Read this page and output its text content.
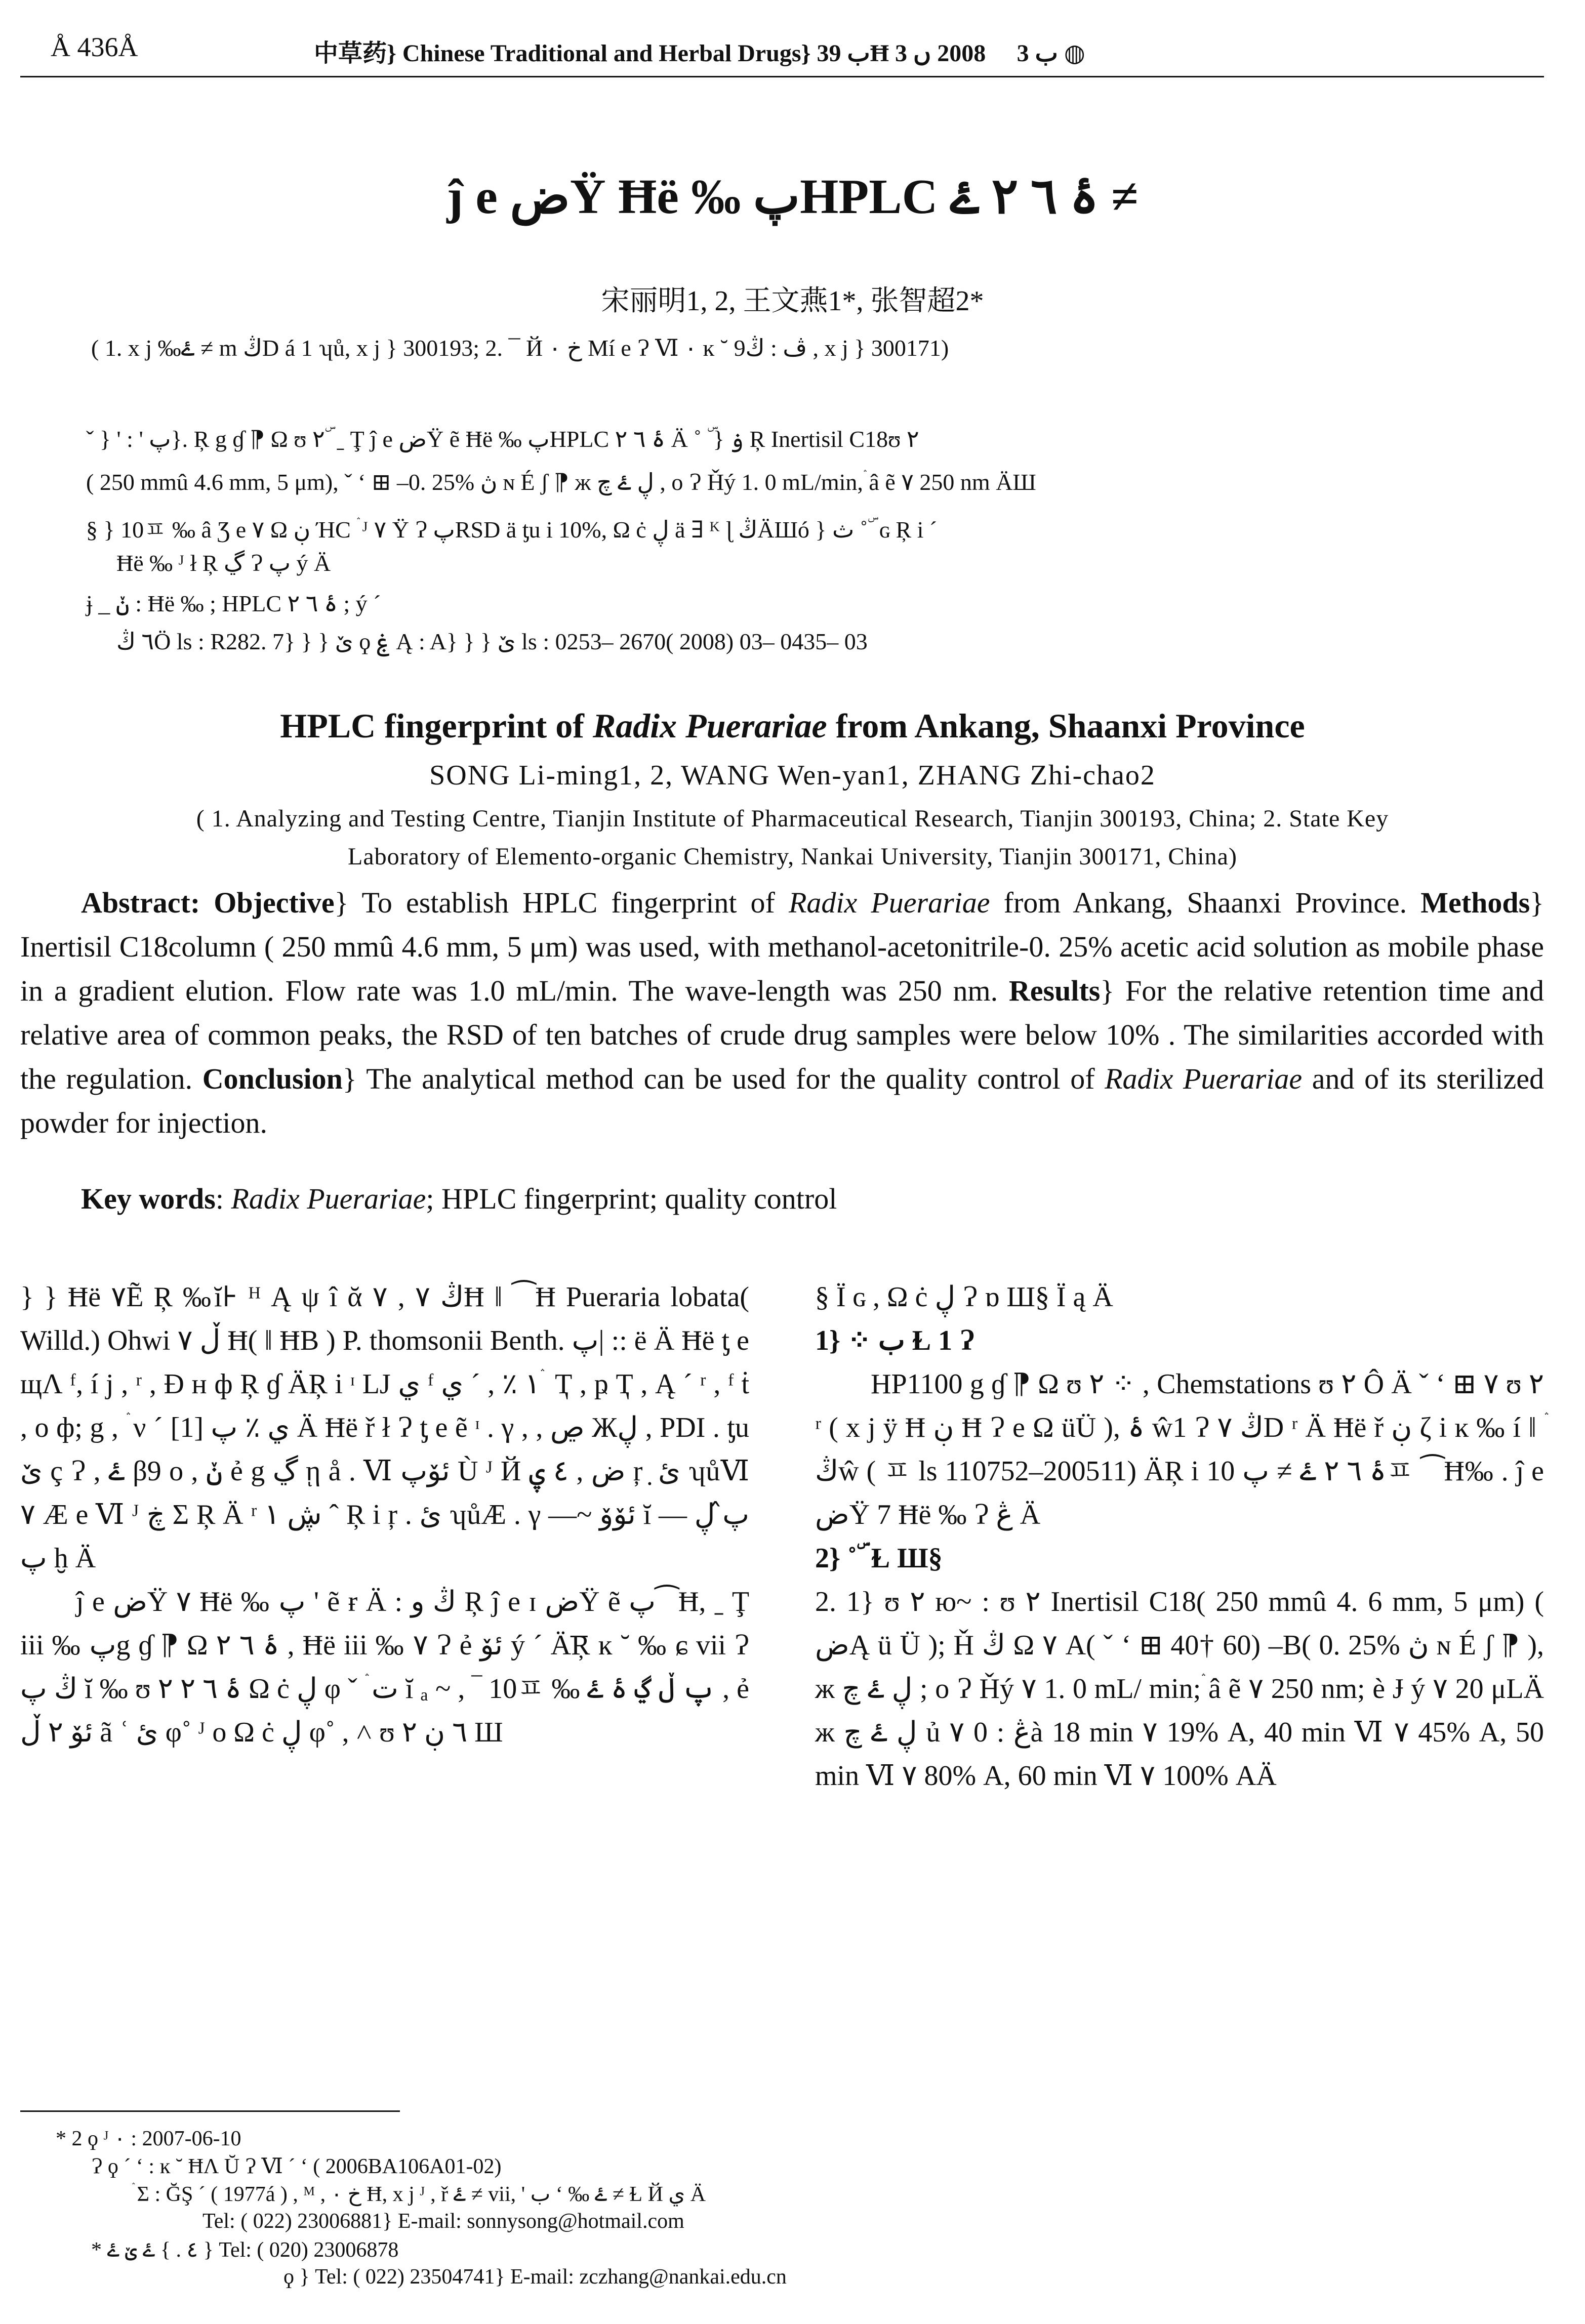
Å 436Å	中草药} Chinese Traditional and Herbal Drugs} ب 39Ħ ب 3 ّ 2008 ں 3 ◍
ĵ e ضŸ Ħë ‰ پHPLC ۂ ٦ ۲ ۓ ≠
宋丽明1, 2, 王文燕1*, 张智超2*
( 1. x j ‰ۓ ≠ m ڭD á 1 ʮů, x j } 300193; 2. ¯ Й خ ۰ Mí e Ɂ Ⅵ ۰ ĸ ˘ ڤ : ڭ9 , x j } 300171)
ˇ } ' : ' پ}. Ŗ g ɠ ⁋ Ω ʊ ۲ ۜ ˍ Ţ ĵ e ضŸ ẽ Ħë ‰ پHPLC ۂ ٦ ۲ Ä ˚ ۜ } ۏ Ŗ Inertisil C18ʊ ۲
( 250 mmû 4.6 mm, 5 μm), ˇ ʻ ⊞ –0. 25% ڽ ɴ É ʃ ⁋ ж ڸ ۓ چ , o Ɂ Ȟý 1. 0 mL/min,ۛ â ẽ ۷ 250 nm ÄШ
§ } 10ㅍ ‰ â Ʒ e ۷ Ω ڹ ΉϹ ۛ ᴶ ۷ Ÿ Ɂ پRSD ä ƫu i 10%, Ω ċ ڸ ä ∃ ᴷ ɭ ڭÄШó } ث ˚ ۜ ɢ Ŗ i ´
Ħë ‰ ᴶ ł Ŗ ڲ Ɂ پ ý Ä
ɉ _ ݩ : Ħë ‰ ; HPLC ۂ ٦ ۲ ; ý ´
٦ ڭÖ ls : R282. 7} } } ێ ϙ ۼ Ą : A} } } ێ ls : 0253– 2670( 2008) 03– 0435– 03
HPLC fingerprint of Radix Puerariae from Ankang, Shaanxi Province
SONG Li-ming1, 2, WANG Wen-yan1, ZHANG Zhi-chao2
( 1. Analyzing and Testing Centre, Tianjin Institute of Pharmaceutical Research, Tianjin 300193, China; 2. State Key
Laboratory of Elemento-organic Chemistry, Nankai University, Tianjin 300171, China)
Abstract: Objective} To establish HPLC fingerprint of Radix Puerariae from Ankang, Shaanxi Province. Methods} Inertisil C18column ( 250 mmû 4.6 mm, 5 μm) was used, with methanol-acetonitrile-0. 25% acetic acid solution as mobile phase in a gradient elution. Flow rate was 1.0 mL/min. The wave-length was 250 nm. Results} For the relative retention time and relative area of common peaks, the RSD of ten batches of crude drug samples were below 10% . The similarities accorded with the regulation. Conclusion} The analytical method can be used for the quality control of Radix Puerariae and of its sterilized powder for injection.
Key words: Radix Puerariae; HPLC fingerprint; quality control

} } Ħë ۷Ẽ Ŗ ‰ĭ⊦ ᴴ Ą ψ î ᾰ ۷ , ۷ ڭĦ ‖ ⁀Ħ Pueraria lobata( Willd.) Ohwi ۷ ڵ Ħ( ‖ ĦB ) P. thomsonii Benth. پ| :: ë Ä Ħë ƫ e щɅ ᶠ, í j , ʳ , Ɖ ʜ ф Ŗ ɠ ÄŖ i ᶦ LJ ي ᶠ ١ ٪ , ´ ي ۛ Ҭ , ҏ Ҭ , Ą ´ ʳ , ᶠ ṫ , o ф; g , ۛ ν ˊ ي ٪ پ [1] Ä Ħë ř ł Ɂ ƫ e ẽ ᶦ . γ , , ڝ Жڸ , PDI . ƫu ێ ç Ɂ , ۓ β9 o , ݩ ẻ g ڲ ῃ å . Ⅵ ئۆپ Ù ᴶ Й ض , ٤ ۑ ŗ ̣ ئ ʮůⅥ ۷ Æ e Ⅵ ᴶ ڿ Σ Ŗ Ä ʳ ڜ ۱ ˆ Ŗ i ŗ . ئ ʮůÆ . γ —~ ئۆۆ ĭ پ̂ ڸ — پ ḫ Ä

ĵ e ضŸ ۷ Ħë ‰ پ ' ẽ ɍ Ä : ڭ و Ŗ ĵ e ɪ ضŸ ẽ پ⁀Ħ, ˍ Ţ iii ‰ پg ɠ ⁋ Ω ۂ ٦ ۲ , Ħë iii ‰ ۷ Ɂ ẻ ئۆ ý ´ Ä͞Ŗ ĸ ˘ ‰ ɕ vii Ɂ ڭ پ ĭ ‰ ʊ ۲ ۂ ٦ ۲ Ω ċ ڸ φ ˇ ۛ ت ĭ ₐ ~ , ‾ 10ㅍ ‰ پ ڵ ڲ ۂ ۓ , ẻ ئۆ ۲ ڵ ã ʿ ئ φ˚ ᴶ o Ω ċ ڸ φ˚ , ˄ ʊ ۲ ٦ ڹ Ш

§ Ï ɢ , Ω ċ ڸ Ɂ ɒ Ш§ Ï ą Ä

1} ⁘ ب Ɫ 1 Ɂ

HP1100 g ɠ ⁋ Ω ʊ ۲ ⁘ , Chemstations ʊ ۲ Ô Ä ˇ ʻ ⊞ ۷ ʊ ۲ ʳ ( x j ÿ Ħ ڹ Ħ Ɂ e Ω üÜ ), ۂ ŵ1 Ɂ ۷ ڭD ʳ Ä Ħë ř ڹ ζ i ĸ ‰ í ‖ ۛ ڭŵ ( ㅍ ls 110752–200511) ÄŖ i ۂ ٦ ۲ ۓ ≠ پ 10ㅍ ⁀Ħ‰ . ĵ e ضŸ 7 Ħë ‰ Ɂ ڠ Ä

2} ˚ ۜ Ɫ Ш§

2. 1} ʊ ۲ ю~ : ʊ ۲ Inertisil C18( 250 mmû 4. 6 mm, 5 μm) ( ضĄ ü Ü ); Ȟ ڭ Ω ۷ A( ˇ ʻ ⊞ 40† 60) –B( 0. 25% ڽ ɴ É ʃ ⁋ ), ж ڸ ۓ چ ; o Ɂ Ȟý ۷ 1. 0 mL/ min;ۛ â ẽ ۷ 250 nm; è Ɉ ý ۷ 20 μLÄ ж ڸ ۓ چ ủ ۷ ڠ : 0à 18 min ۷ 19% A, 40 min Ⅵ ۷ 45% A, 50 min Ⅵ ۷ 80% A, 60 min Ⅵ ۷ 100% AÄ

* 2 ϙ ᴶ ۰ : 2007-06-10
Ɂ ϙ ´ ʻ : ĸ ˘ ĦɅ Ŭ Ɂ Ⅵ ´ ʻ ( 2006BA106A01-02)
ۛ Ʃ : ĞŞ ´ ( 1977á ) , ᴹ , خ ۰ Ħ, x j ᴶ , ř ۓ ≠ vii, ' ب ʻ ‰ ۓ ≠ Ɫ Й ي Ä
Tel: ( 022) 23006881} E-mail: sonnysong@hotmail.com
* ٤ . } ۓ ێ ۓ } Tel: ( 020) 23006878
ϙ } Tel: ( 022) 23504741} E-mail: zczhang@nankai.edu.cn
